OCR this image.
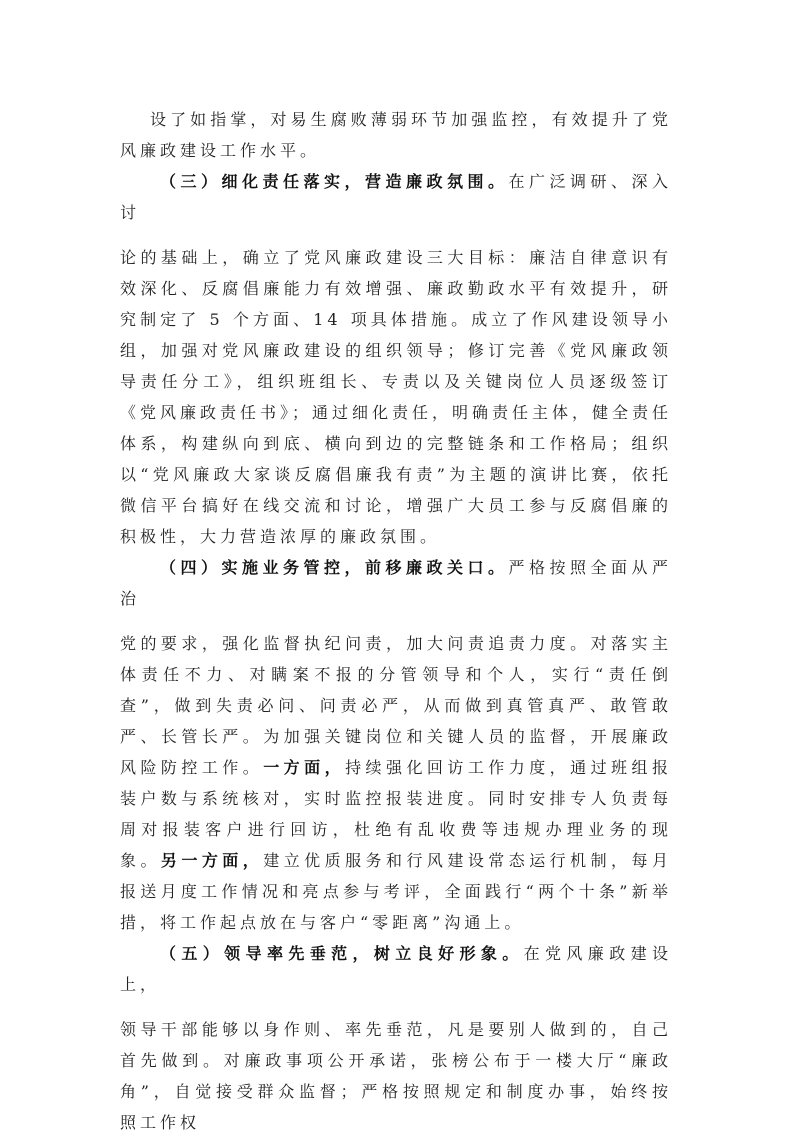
设了如指掌，对易生腐败薄弱环节加强监控，有效提升了党风廉政建设工作水平。

（三）细化责任落实，营造廉政氛围。在广泛调研、深入讨

论的基础上，确立了党风廉政建设三大目标：廉洁自律意识有效深化、反腐倡廉能力有效增强、廉政勤政水平有效提升，研究制定了 5 个方面、14 项具体措施。成立了作风建设领导小组，加强对党风廉政建设的组织领导；修订完善《党风廉政领导责任分工》，组织班组长、专责以及关键岗位人员逐级签订《党风廉政责任书》；通过细化责任，明确责任主体，健全责任体系，构建纵向到底、横向到边的完整链条和工作格局；组织以“党风廉政大家谈反腐倡廉我有责”为主题的演讲比赛，依托微信平台搞好在线交流和讨论，增强广大员工参与反腐倡廉的积极性，大力营造浓厚的廉政氛围。

（四）实施业务管控，前移廉政关口。严格按照全面从严治

党的要求，强化监督执纪问责，加大问责追责力度。对落实主体责任不力、对瞒案不报的分管领导和个人，实行“责任倒查”，做到失责必问、问责必严，从而做到真管真严、敢管敢严、长管长严。为加强关键岗位和关键人员的监督，开展廉政风险防控工作。一方面，持续强化回访工作力度，通过班组报装户数与系统核对，实时监控报装进度。同时安排专人负责每周对报装客户进行回访，杜绝有乱收费等违规办理业务的现象。另一方面，建立优质服务和行风建设常态运行机制，每月报送月度工作情况和亮点参与考评，全面践行“两个十条”新举措，将工作起点放在与客户“零距离”沟通上。

（五）领导率先垂范，树立良好形象。在党风廉政建设上，

领导干部能够以身作则、率先垂范，凡是要别人做到的，自己首先做到。对廉政事项公开承诺，张榜公布于一楼大厅“廉政角”，自觉接受群众监督；严格按照规定和制度办事，始终按照工作权
